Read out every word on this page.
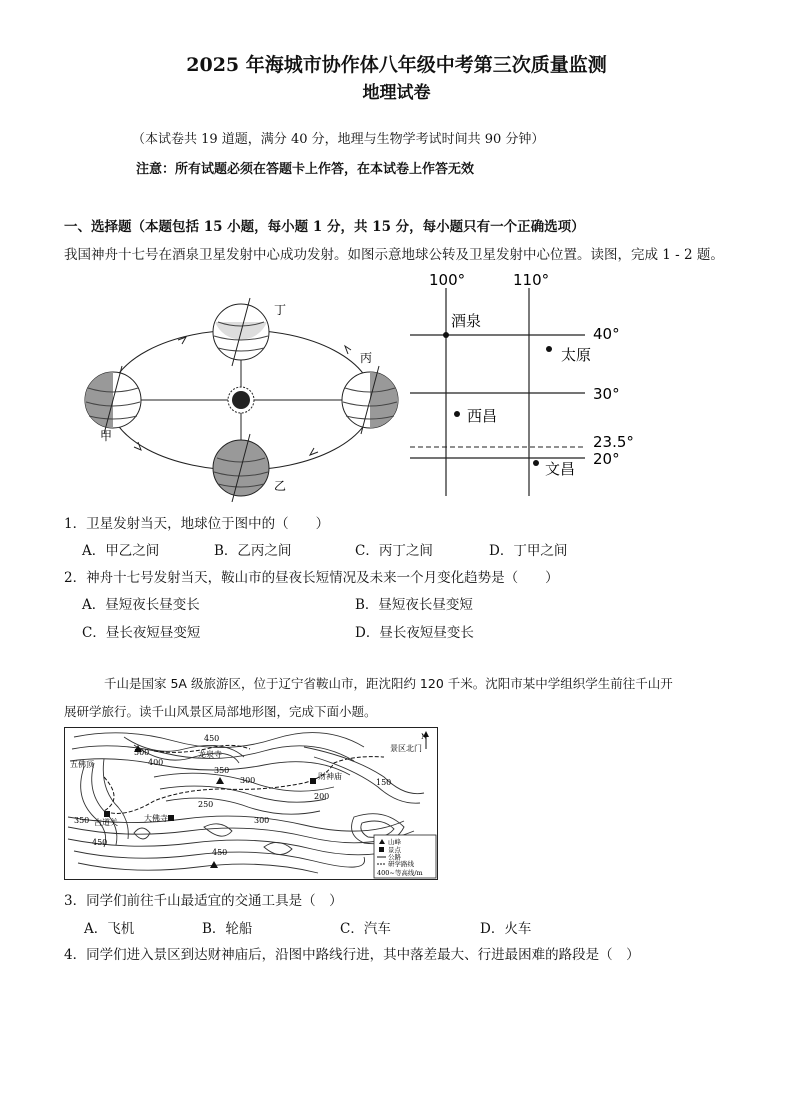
2025 年海城市协作体八年级中考第三次质量监测
地理试卷
（本试卷共 19 道题，满分 40 分，地理与生物学考试时间共 90 分钟）
注意：所有试题必须在答题卡上作答，在本试卷上作答无效
一、选择题（本题包括 15 小题，每小题 1 分，共 15 分，每小题只有一个正确选项）
我国神舟十七号在酒泉卫星发射中心成功发射。如图示意地球公转及卫星发射中心位置。读图，完成 1 - 2 题。
甲
乙
丙
丁
100°	110°
40°
30°
23.5°
20°
酒泉
太原
西昌
文昌
1．卫星发射当天，地球位于图中的（　　）
A．甲乙之间	B．乙丙之间	C．丙丁之间	D．丁甲之间
2．神舟十七号发射当天，鞍山市的昼夜长短情况及未来一个月变化趋势是（　　）
A．昼短夜长昼变长	B．昼短夜长昼变短
C．昼长夜短昼变短	D．昼长夜短昼变长
千山是国家 5A 级旅游区，位于辽宁省鞍山市，距沈阳约 120 千米。沈阳市某中学组织学生前往千山开
展研学旅行。读千山风景区局部地形图，完成下面小题。
五佛顶
龙泉寺
景区北门
财神庙
古道关	大佛寺
450
500
400
350
300	150
200
250
350	300
450
450
N
山峰
景点
公路
研学路线
400~等高线/m
3．同学们前往千山最适宜的交通工具是（　）
A．飞机	B．轮船	C．汽车	D．火车
4．同学们进入景区到达财神庙后，沿图中路线行进，其中落差最大、行进最困难的路段是（　）
